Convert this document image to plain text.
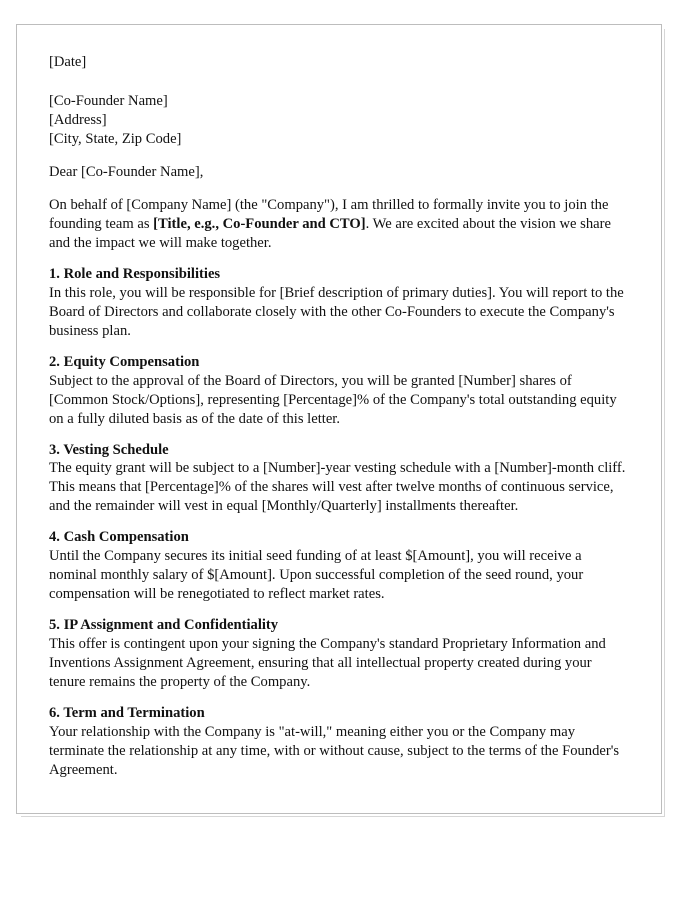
[Date]

[Co-Founder Name]

[Address]

[City, State, Zip Code]

Dear [Co-Founder Name],

On behalf of [Company Name] (the "Company"), I am thrilled to formally invite you to join the founding team as [Title, e.g., Co-Founder and CTO]. We are excited about the vision we share and the impact we will make together.

1. Role and Responsibilities

In this role, you will be responsible for [Brief description of primary duties]. You will report to the Board of Directors and collaborate closely with the other Co-Founders to execute the Company's business plan.

2. Equity Compensation

Subject to the approval of the Board of Directors, you will be granted [Number] shares of [Common Stock/Options], representing [Percentage]% of the Company's total outstanding equity on a fully diluted basis as of the date of this letter.

3. Vesting Schedule

The equity grant will be subject to a [Number]-year vesting schedule with a [Number]-month cliff. This means that [Percentage]% of the shares will vest after twelve months of continuous service, and the remainder will vest in equal [Monthly/Quarterly] installments thereafter.

4. Cash Compensation

Until the Company secures its initial seed funding of at least $[Amount], you will receive a nominal monthly salary of $[Amount]. Upon successful completion of the seed round, your compensation will be renegotiated to reflect market rates.

5. IP Assignment and Confidentiality

This offer is contingent upon your signing the Company's standard Proprietary Information and Inventions Assignment Agreement, ensuring that all intellectual property created during your tenure remains the property of the Company.

6. Term and Termination

Your relationship with the Company is "at-will," meaning either you or the Company may terminate the relationship at any time, with or without cause, subject to the terms of the Founder's Agreement.
